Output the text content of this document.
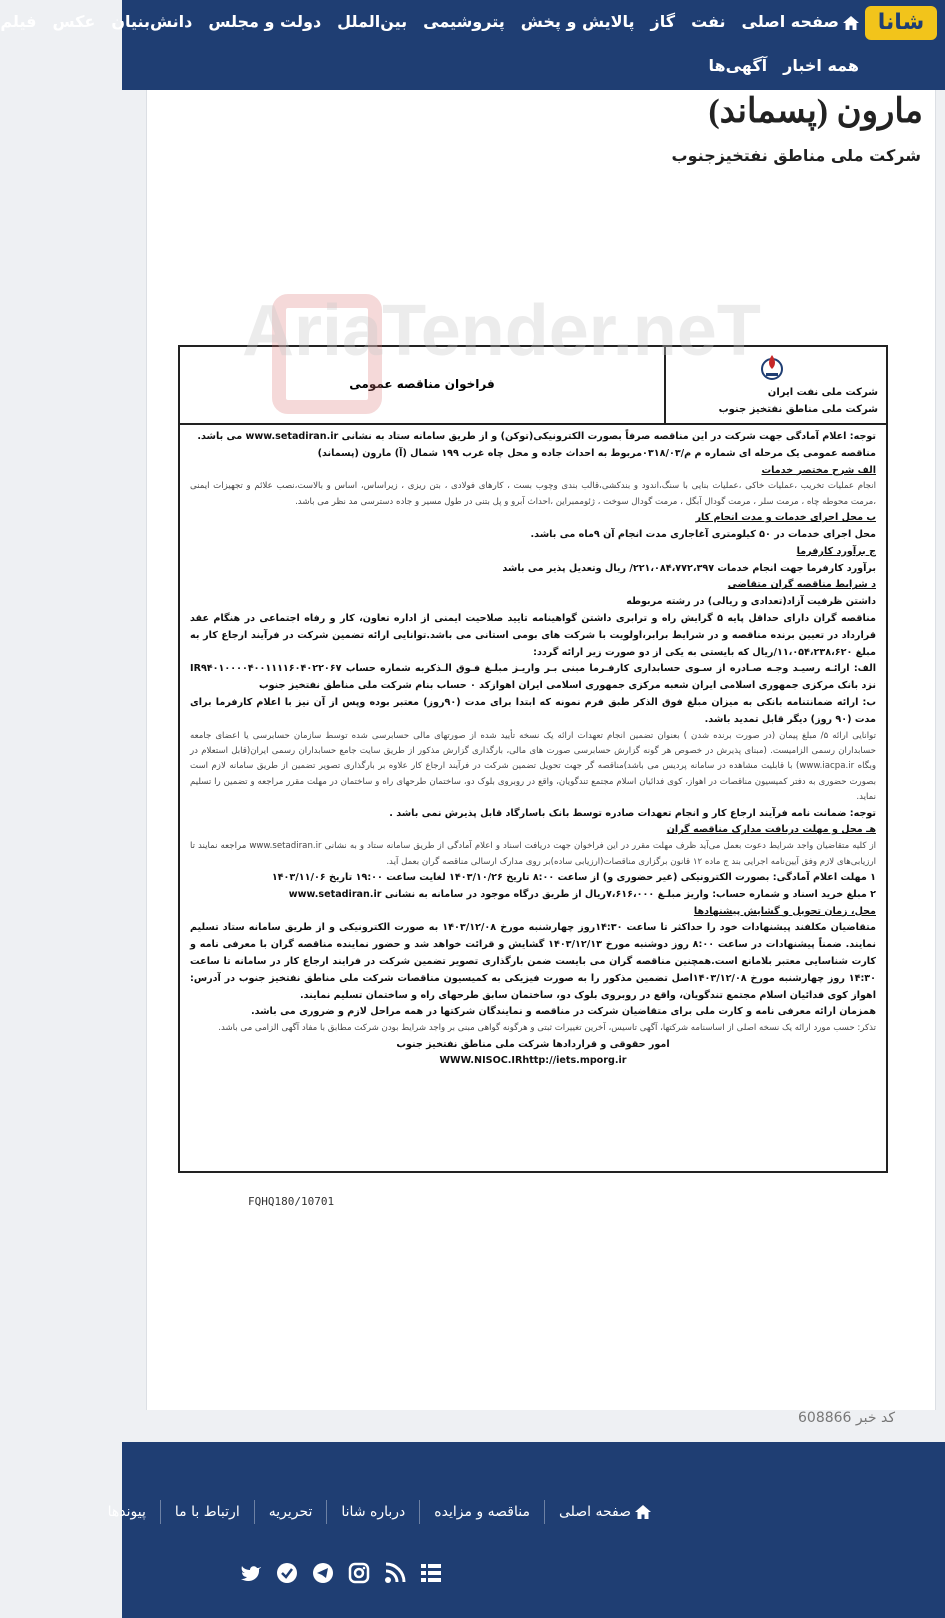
شانا
صفحه اصلی
نفت
گاز
پالایش و پخش
پتروشیمی
بین‌الملل
دولت و مجلس
دانش‌بنیان
عکس
فیلم
همه اخبار
آگهی‌ها
مارون (پسماند)
شرکت ملی مناطق نفتخیزجنوب
کد خبر 608866
شرکت ملی نفت ایران
شرکت ملی مناطق نفتخیز جنوب
فراخوان مناقصه عمومی

توجه: اعلام آمادگی جهت شرکت در این مناقصه صرفاً بصورت الکترونیکی(توکن) و از طریق سامانه ستاد به نشانی www.setadiran.ir می باشد.

مناقصه عمومی یک مرحله ای شماره م م/۰۳۱۸/۰۳مربوط به احداث جاده و محل چاه غرب ۱۹۹ شمال (آ) مارون (پسماند)

الف شرح مختصر خدمات

انجام عملیات تخریب ،عملیات خاکی ،عملیات بنایی با سنگ،اندود و بندکشی،قالب بندی وچوب بست ، کارهای فولادی ، بتن ریزی ، زیراساس، اساس و بالاست،نصب علائم و تجهیزات ایمنی ،مرمت محوطه چاه ، مرمت سلر ، مرمت گودال آبگل ، مرمت گودال سوخت ، ژئوممبراین ،احداث آبرو و پل بتنی در طول مسیر و جاده دسترسی مد نظر می باشد.

ب محل اجرای خدمات و مدت انجام کار

محل اجرای خدمات در ۵۰ کیلومتری آغاجاری مدت انجام آن ۹ماه می باشد.

ج برآورد کارفرما

برآورد کارفرما جهت انجام خدمات ۲۲۱،۰۸۴،۷۷۲،۳۹۷/ ریال وتعدیل پذیر می باشد

د شرایط مناقصه گران متقاضی

داشتن ظرفیت آزاد(تعدادی و ریالی) در رشته مربوطه

مناقصه گران دارای حداقل پایه ۵ گرایش راه و ترابری داشتن گواهینامه تایید صلاحیت ایمنی از اداره تعاون، کار و رفاه اجتماعی در هنگام عقد قرارداد در تعیین برنده مناقصه و در شرایط برابر،اولویت با شرکت های بومی استانی می باشد.توانایی ارائه تضمین شرکت در فرآیند ارجاع کار به مبلغ ۱۱،۰۵۴،۲۳۸،۶۲۰/ریال که بایستی به یکی از دو صورت زیر ارائه گردد:

الف: ارائـه رسیـد وجـه صـادره از سـوی حسابداری کارفـرما مبنی بـر واریـز مبلـغ فـوق الـذکربه شماره حساب IR۹۴۰۱۰۰۰۰۴۰۰۱۱۱۱۶۰۴۰۲۲۰۶۷ نزد بانک مرکزی جمهوری اسلامی ایران شعبه مرکزی جمهوری اسلامی ایران اهوازکد ۰ حساب بنام شرکت ملی مناطق نفتخیز جنوب

ب: ارائه ضمانتنامه بانکی به میزان مبلغ فوق الذکر طبق فرم نمونه که ابتدا برای مدت (۹۰روز) معتبر بوده وپس از آن نیز با اعلام کارفرما برای مدت (۹۰ روز) دیگر قابل تمدید باشد.

توانایی ارائه ۵/ مبلغ پیمان (در صورت برنده شدن ) بعنوان تضمین انجام تعهدات ارائه یک نسخه تأیید شده از صورتهای مالی حسابرسی شده توسط سازمان حسابرسی یا اعضای جامعه حسابداران رسمی الزامیست. (مبنای پذیرش در خصوص هر گونه گزارش حسابرسی صورت های مالی، بارگذاری گزارش مذکور از طریق سایت جامع حسابداران رسمی ایران(قابل استعلام در وبگاه www.iacpa.ir) با قابلیت مشاهده در سامانه پردیس می باشد)مناقصه گر جهت تحویل تضمین شرکت در فرآیند ارجاع کار علاوه بر بارگذاری تصویر تضمین از طریق سامانه لازم است بصورت حضوری به دفتر کمیسیون مناقصات در اهواز، کوی فدائیان اسلام مجتمع تندگویان، واقع در روبروی بلوک دو، ساختمان طرحهای راه و ساختمان در مهلت مقرر مراجعه و تضمین را تسلیم نماید.

توجه: ضمانت نامه فرآیند ارجاع کار و انجام تعهدات صادره توسط بانک باسارگاد قابل پذیرش نمی باشد .

هـ محل و مهلت دریافت مدارک مناقصه گران

از کلیه متقاضیان واجد شرایط دعوت بعمل می‌آید ظرف مهلت مقرر در این فراخوان جهت دریافت اسناد و اعلام آمادگی از طریق سامانه ستاد و به نشانی www.setadiran.ir مراجعه نمایند تا ارزیابی‌های لازم وفق آیین‌نامه اجرایی بند ج ماده ۱۲ قانون برگزاری مناقصات(ارزیابی ساده)بر روی مدارک ارسالی مناقصه گران بعمل آید.

۱ مهلت اعلام آمادگی: بصورت الکترونیکی (غیر حضوری و) از ساعت ۸:۰۰ تاریخ ۱۴۰۳/۱۰/۲۶ لغایت ساعت ۱۹:۰۰ تاریخ ۱۴۰۳/۱۱/۰۶

۲ مبلغ خرید اسناد و شماره حساب: واریز مبلـغ ۷،۶۱۶،۰۰۰ریال از طریق درگاه موجود در سامانه به نشانی www.setadiran.ir

محل، زمان تحویل و گشایش پیشنهادها

متقاضیان مکلفند پیشنهادات خود را حداکثر تا ساعت ۱۴:۳۰روز چهارشنبه مورخ ۱۴۰۳/۱۲/۰۸ به صورت الکترونیکی و از طریق سامانه ستاد تسلیم نمایند. ضمناً پیشنهادات در ساعت ۸:۰۰ روز دوشنبه مورخ ۱۴۰۳/۱۲/۱۳ گشایش و قرائت خواهد شد و حضور نماینده مناقصه گران با معرفی نامه و کارت شناسایی معتبر بلامانع است.همچنین مناقصه گران می بایست ضمن بارگذاری تصویر تضمین شرکت در فرایند ارجاع کار در سامانه تا ساعت ۱۴:۳۰ روز چهارشنبه مورخ ۱۴۰۳/۱۲/۰۸اصل تضمین مذکور را به صورت فیزیکی به کمیسیون مناقصات شرکت ملی مناطق نفتخیز جنوب در آدرس: اهواز کوی فدائیان اسلام مجتمع تندگویان، واقع در روبروی بلوک دو، ساختمان سابق طرحهای راه و ساختمان تسلیم نمایند.

همزمان ارائه معرفی نامه و کارت ملی برای متقاضیان شرکت در مناقصه و نمایندگان شرکتها در همه مراحل لازم و ضروری می باشد.

تذکر: حسب مورد ارائه یک نسخه اصلی از اساسنامه شرکتها، آگهی تاسیس، آخرین تغییرات ثبتی و هرگونه گواهی مبنی بر واجد شرایط بودن شرکت مطابق با مفاد آگهی الزامی می باشد.

امور حقوقی و قراردادها شرکت ملی مناطق نفتخیز جنوب

WWW.NISOC.IRhttp://iets.mporg.ir

AriaTender.neT
FQHQ180/10701
صفحه اصلی
مناقصه و مزایده
درباره شانا
تحریریه
ارتباط با ما
پیوندها
